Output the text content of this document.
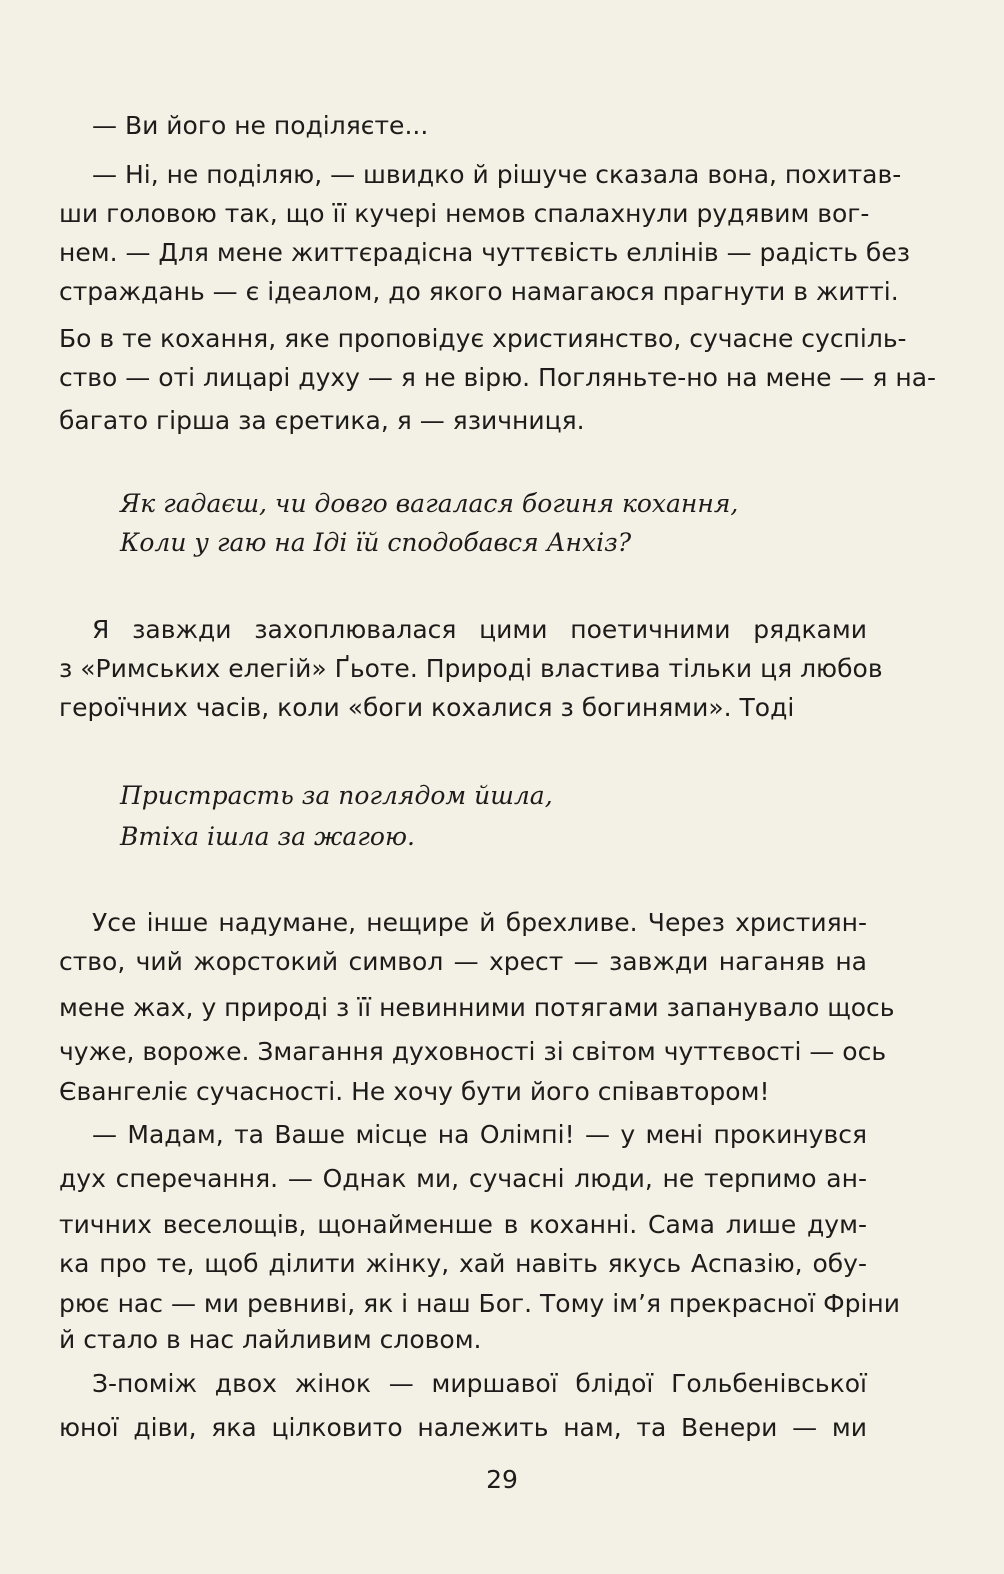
— Ви його не поділяєте...
— Ні, не поділяю, — швидко й рішуче сказала вона, похитав-
ши головою так, що її кучері немов спалахнули рудявим вог-
нем. — Для мене життєрадісна чуттєвість еллінів — радість без
страждань — є ідеалом, до якого намагаюся прагнути в житті.
Бо в те кохання, яке проповідує християнство, сучасне суспіль-
ство — оті лицарі духу — я не вірю. Погляньте-но на мене — я на-
багато гірша за єретика, я — язичниця.
Як гадаєш, чи довго вагалася богиня кохання,
Коли у гаю на Іді їй сподобався Анхіз?
Я завжди захоплювалася цими поетичними рядками
з «Римських елегій» Ґьоте. Природі властива тільки ця любов
героїчних часів, коли «боги кохалися з богинями». Тоді
Пристрасть за поглядом йшла,
Втіха ішла за жагою.
Усе інше надумане, нещире й брехливе. Через християн-
ство, чий жорстокий символ — хрест — завжди наганяв на
мене жах, у природі з її невинними потягами запанувало щось
чуже, вороже. Змагання духовності зі світом чуттєвості — ось
Євангеліє сучасності. Не хочу бути його співавтором!
— Мадам, та Ваше місце на Олімпі! — у мені прокинувся
дух сперечання. — Однак ми, сучасні люди, не терпимо ан-
тичних веселощів, щонайменше в коханні. Сама лише дум-
ка про те, щоб ділити жінку, хай навіть якусь Аспазію, обу-
рює нас — ми ревниві, як і наш Бог. Тому ім’я прекрасної Фріни
й стало в нас лайливим словом.
З-поміж двох жінок — миршавої блідої Гольбенівської
юної діви, яка цілковито належить нам, та Венери — ми
29
